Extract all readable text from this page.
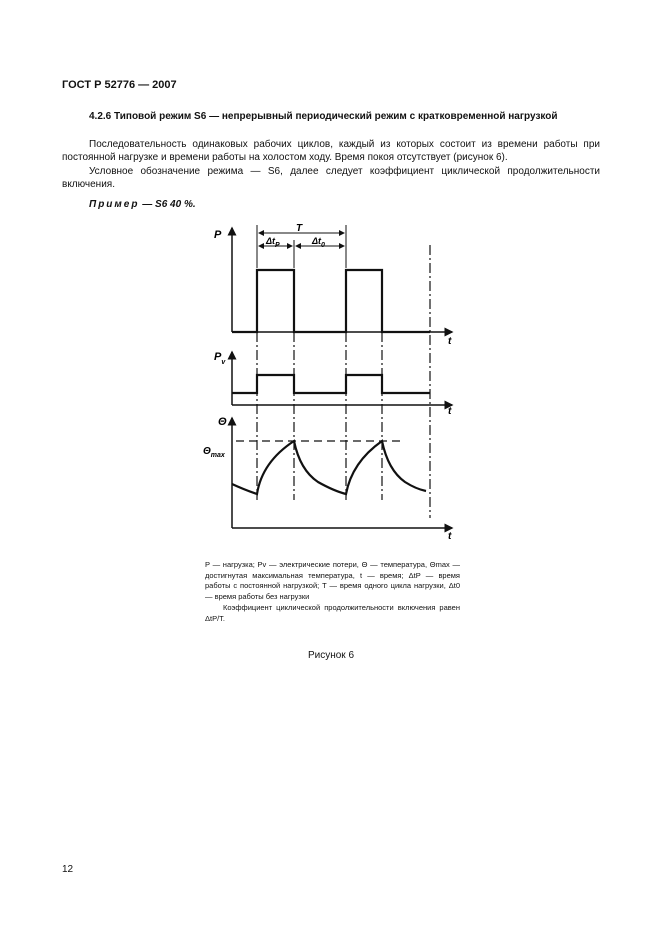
ГОСТ Р 52776 — 2007
4.2.6 Типовой режим S6 — непрерывный периодический режим с кратковременной нагрузкой
Последовательность одинаковых рабочих циклов, каждый из которых состоит из времени работы при постоянной нагрузке и времени работы на холостом ходу. Время покоя отсутствует (рисунок 6).
Условное обозначение режима — S6, далее следует коэффициент циклической продолжительности включения.
Пример — S6 40 %.
T
$\Delta t_P$	$\Delta t_0$
P
t
$P_v$
t
Θ
$\Theta_{max}$
t

P — нагрузка; Pv — электрические потери, Θ — температура, Θmax — достигнутая максимальная температура, t — время; ΔtP — время работы с постоянной нагрузкой; T — время одного цикла нагрузки, Δt0 — время работы без нагрузки

Коэффициент циклической продолжительности включения равен ΔtP/T.

Рисунок 6
12
